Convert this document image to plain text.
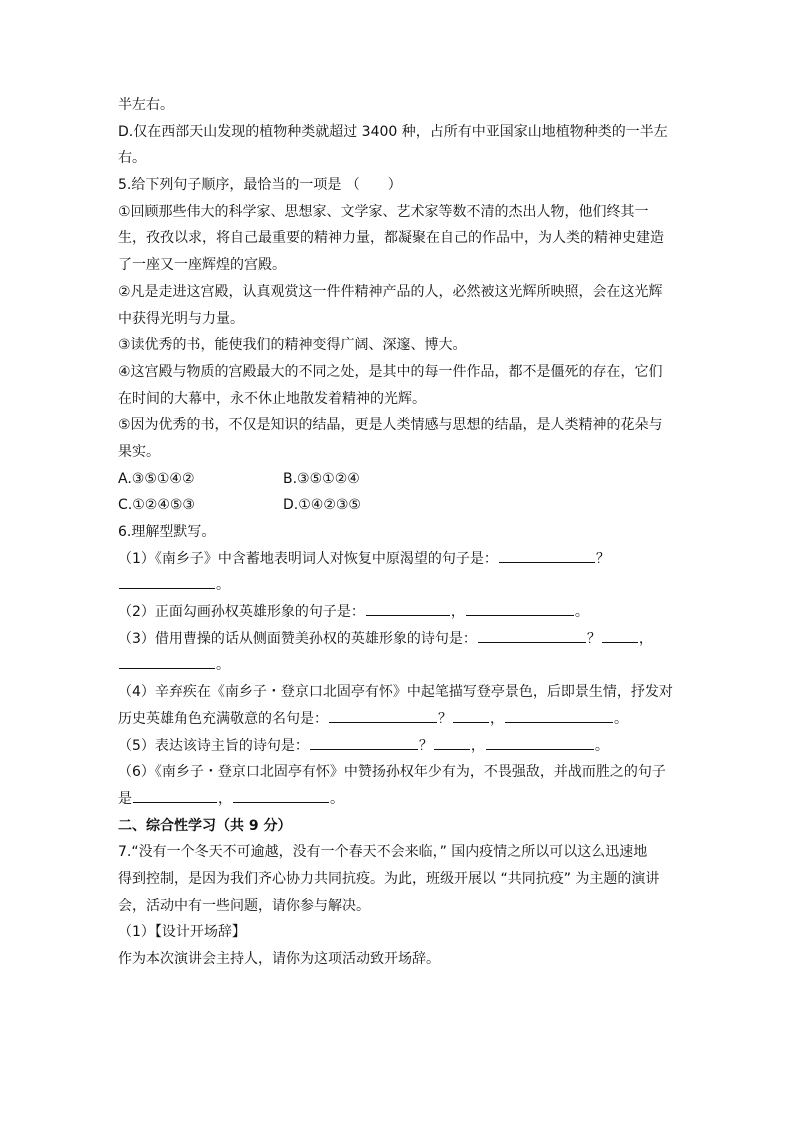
半左右。
D.仅在西部天山发现的植物种类就超过 3400 种，占所有中亚国家山地植物种类的一半左
右。
5.给下列句子顺序，最恰当的一项是 （　　）
①回顾那些伟大的科学家、思想家、文学家、艺术家等数不清的杰出人物，他们终其一
生，孜孜以求，将自己最重要的精神力量，都凝聚在自己的作品中，为人类的精神史建造
了一座又一座辉煌的宫殿。
②凡是走进这宫殿，认真观赏这一件件精神产品的人，必然被这光辉所映照，会在这光辉
中获得光明与力量。
③读优秀的书，能使我们的精神变得广阔、深邃、博大。
④这宫殿与物质的宫殿最大的不同之处，是其中的每一件作品，都不是僵死的存在，它们
在时间的大幕中，永不休止地散发着精神的光辉。
⑤因为优秀的书，不仅是知识的结晶，更是人类情感与思想的结晶，是人类精神的花朵与
果实。
A.③⑤①④②	B.③⑤①②④
C.①②④⑤③	D.①④②③⑤
6.理解型默写。
（1）《南乡子》中含蓄地表明词人对恢复中原渴望的句子是：	？
。
（2）正面勾画孙权英雄形象的句子是：	，	。
（3）借用曹操的话从侧面赞美孙权的英雄形象的诗句是：	？	，
。
（4）辛弃疾在《南乡子・登京口北固亭有怀》中起笔描写登亭景色，后即景生情，抒发对
历史英雄角色充满敬意的名句是：	？	，	。
（5）表达该诗主旨的诗句是：	？	，	。
（6）《南乡子・登京口北固亭有怀》中赞扬孙权年少有为，不畏强敌，并战而胜之的句子
是	，	。
二、综合性学习（共 9 分）
7.“没有一个冬天不可逾越，没有一个春天不会来临，” 国内疫情之所以可以这么迅速地
得到控制，是因为我们齐心协力共同抗疫。为此，班级开展以 “共同抗疫” 为主题的演讲
会，活动中有一些问题，请你参与解决。
（1）【设计开场辞】
作为本次演讲会主持人，请你为这项活动致开场辞。
